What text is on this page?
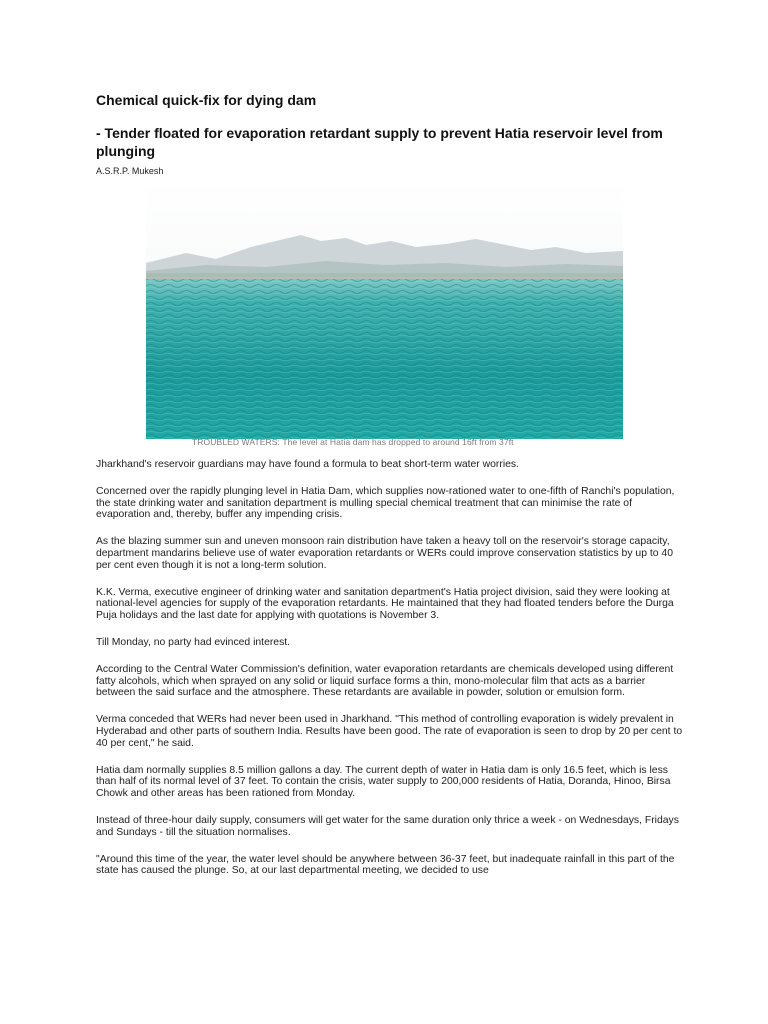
Chemical quick-fix for dying dam
- Tender floated for evaporation retardant supply to prevent Hatia reservoir level from plunging
A.S.R.P. Mukesh
TROUBLED WATERS: The level at Hatia dam has dropped to around 16ft from 37ft

Jharkhand's reservoir guardians may have found a formula to beat short-term water worries.

Concerned over the rapidly plunging level in Hatia Dam, which supplies now-rationed water to one-fifth of Ranchi's population, the state drinking water and sanitation department is mulling special chemical treatment that can minimise the rate of evaporation and, thereby, buffer any impending crisis.

As the blazing summer sun and uneven monsoon rain distribution have taken a heavy toll on the reservoir's storage capacity, department mandarins believe use of water evaporation retardants or WERs could improve conservation statistics by up to 40 per cent even though it is not a long-term solution.

K.K. Verma, executive engineer of drinking water and sanitation department's Hatia project division, said they were looking at national-level agencies for supply of the evaporation retardants. He maintained that they had floated tenders before the Durga Puja holidays and the last date for applying with quotations is November 3.

Till Monday, no party had evinced interest.

According to the Central Water Commission's definition, water evaporation retardants are chemicals developed using different fatty alcohols, which when sprayed on any solid or liquid surface forms a thin, mono-molecular film that acts as a barrier between the said surface and the atmosphere. These retardants are available in powder, solution or emulsion form.

Verma conceded that WERs had never been used in Jharkhand. "This method of controlling evaporation is widely prevalent in Hyderabad and other parts of southern India. Results have been good. The rate of evaporation is seen to drop by 20 per cent to 40 per cent," he said.

Hatia dam normally supplies 8.5 million gallons a day. The current depth of water in Hatia dam is only 16.5 feet, which is less than half of its normal level of 37 feet. To contain the crisis, water supply to 200,000 residents of Hatia, Doranda, Hinoo, Birsa Chowk and other areas has been rationed from Monday.

Instead of three-hour daily supply, consumers will get water for the same duration only thrice a week - on Wednesdays, Fridays and Sundays - till the situation normalises.

"Around this time of the year, the water level should be anywhere between 36-37 feet, but inadequate rainfall in this part of the state has caused the plunge. So, at our last departmental meeting, we decided to use
